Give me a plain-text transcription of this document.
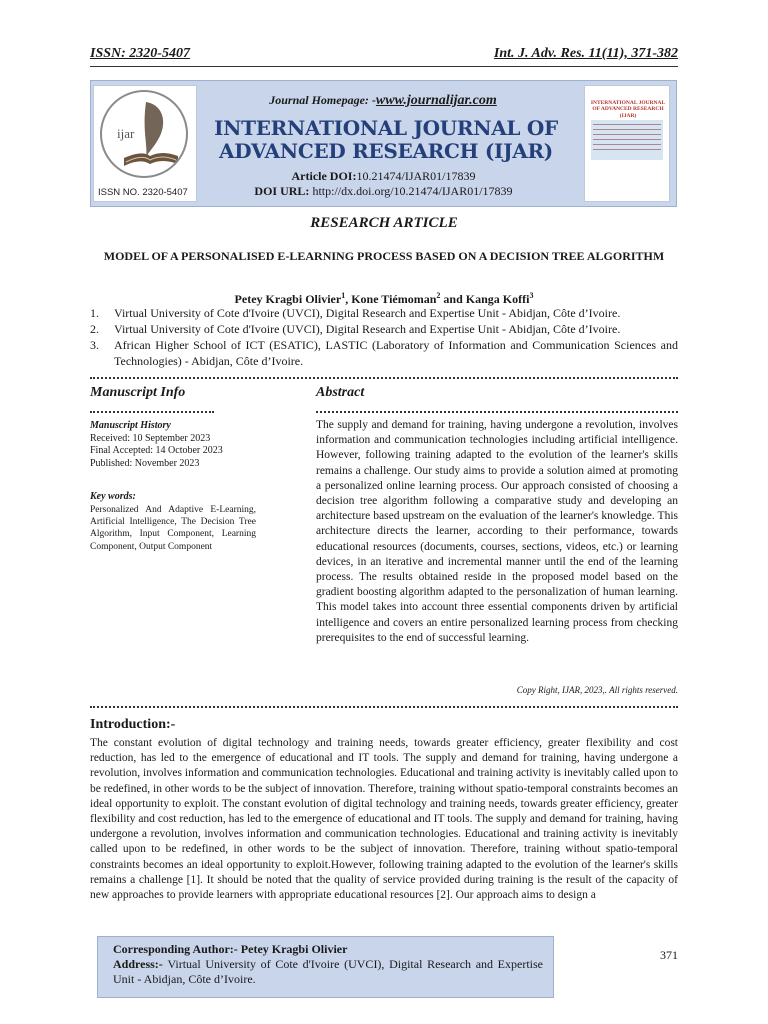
ISSN: 2320-5407	Int. J. Adv. Res. 11(11), 371-382
ijar
ISSN NO. 2320-5407
Journal Homepage: -www.journalijar.com
INTERNATIONAL JOURNAL OF
ADVANCED RESEARCH (IJAR)
Article DOI:10.21474/IJAR01/17839
DOI URL: http://dx.doi.org/10.21474/IJAR01/17839
INTERNATIONAL JOURNAL OF ADVANCED RESEARCH (IJAR)
RESEARCH ARTICLE
MODEL OF A PERSONALISED E-LEARNING PROCESS BASED ON A DECISION TREE ALGORITHM
Petey Kragbi Olivier$^1$, Kone Tiémoman$^2$ and Kanga Koffi$^3$
1.	Virtual University of Cote d'Ivoire (UVCI), Digital Research and Expertise Unit - Abidjan, Côte d’Ivoire.
2.	Virtual University of Cote d'Ivoire (UVCI), Digital Research and Expertise Unit - Abidjan, Côte d’Ivoire.
3.	African Higher School of ICT (ESATIC), LASTIC (Laboratory of Information and Communication Sciences and Technologies) - Abidjan, Côte d’Ivoire.
Manuscript Info
Manuscript History
Received: 10 September 2023
Final Accepted: 14 October 2023
Published: November 2023
Key words:
Personalized And Adaptive E-Learning, Artificial Intelligence, The Decision Tree Algorithm, Input Component, Learning Component, Output Component
Abstract
The supply and demand for training, having undergone a revolution, involves information and communication technologies including artificial intelligence. However, following training adapted to the evolution of the learner's skills remains a challenge. Our study aims to provide a solution aimed at promoting a personalized online learning process. Our approach consisted of choosing a decision tree algorithm following a comparative study and developing an architecture based upstream on the evaluation of the learner's knowledge. This architecture directs the learner, according to their performance, towards educational resources (documents, courses, sections, videos, etc.) or learning devices, in an iterative and incremental manner until the end of the learning process. The results obtained reside in the proposed model based on the gradient boosting algorithm adapted to the personalization of human learning. This model takes into account three essential components driven by artificial intelligence and covers an entire personalized learning process from checking prerequisites to the end of successful learning.
Copy Right, IJAR, 2023,. All rights reserved.
Introduction:-
The constant evolution of digital technology and training needs, towards greater efficiency, greater flexibility and cost reduction, has led to the emergence of educational and IT tools. The supply and demand for training, having undergone a revolution, involves information and communication technologies. Educational and training activity is inevitably called upon to be redefined, in other words to be the subject of innovation. Therefore, training without spatio-temporal constraints becomes an ideal opportunity to exploit. The constant evolution of digital technology and training needs, towards greater efficiency, greater flexibility and cost reduction, has led to the emergence of educational and IT tools. The supply and demand for training, having undergone a revolution, involves information and communication technologies. Educational and training activity is inevitably called upon to be redefined, in other words to be the subject of innovation. Therefore, training without spatio-temporal constraints becomes an ideal opportunity to exploit.However, following training adapted to the evolution of the learner's skills remains a challenge [1]. It should be noted that the quality of service provided during training is the result of the capacity of new approaches to provide learners with appropriate educational resources [2]. Our approach aims to design a
Corresponding Author:- Petey Kragbi Olivier
Address:- Virtual University of Cote d'Ivoire (UVCI), Digital Research and Expertise Unit - Abidjan, Côte d’Ivoire.
371
